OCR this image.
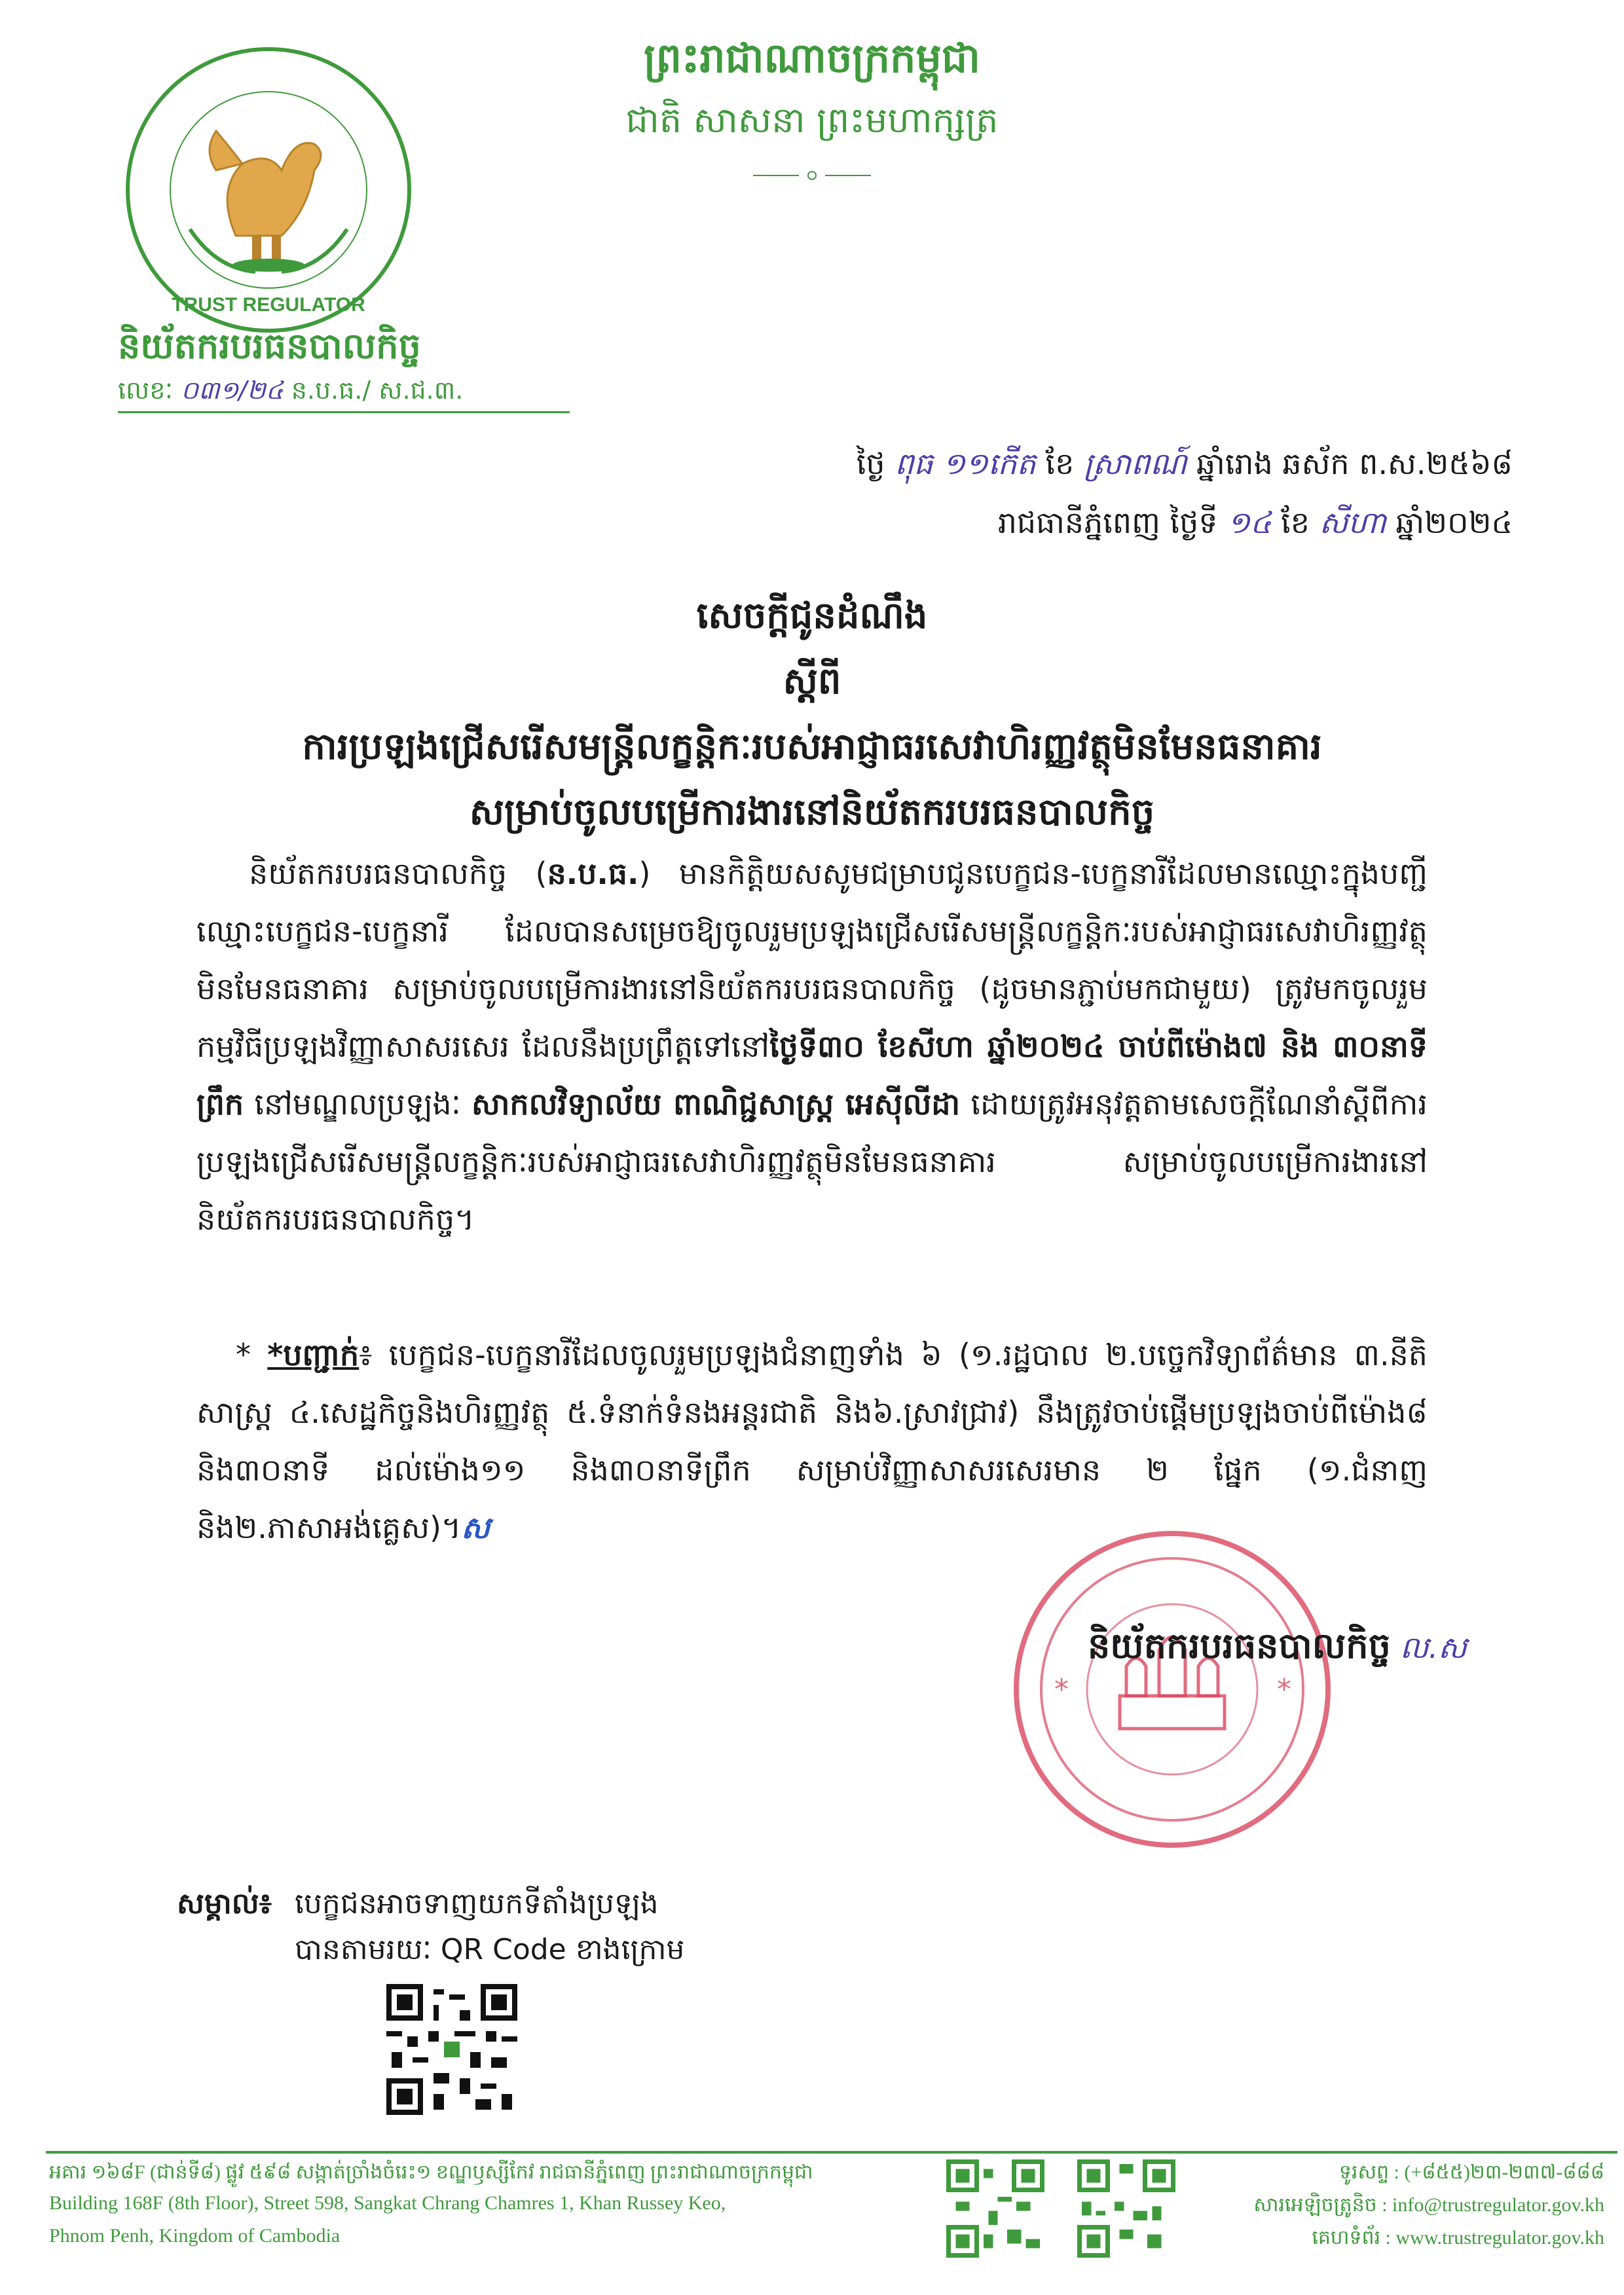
ព្រះរាជាណាចក្រកម្ពុជា
ជាតិ សាសនា ព្រះមហាក្សត្រ
TRUST REGULATOR
និយ័តករបរធនបាលកិច្ច
លេខៈ ០៣១/២៤ ន.ប.ធ./ ស.ជ.៣.
ថ្ងៃ ពុធ ១១កើត ខែ ស្រាពណ៍ ឆ្នាំរោង ឆស័ក ព.ស.២៥៦៨
រាជធានីភ្នំពេញ ថ្ងៃទី ១៤ ខែ សីហា ឆ្នាំ២០២៤
សេចក្តីជូនដំណឹង
ស្តីពី
ការប្រឡងជ្រើសរើសមន្ត្រីលក្ខន្តិកៈរបស់អាជ្ញាធរសេវាហិរញ្ញវត្ថុមិនមែនធនាគារ
សម្រាប់ចូលបម្រើការងារនៅនិយ័តករបរធនបាលកិច្ច
និយ័តករបរធនបាលកិច្ច (ន.ប.ធ.) មានកិត្តិយសសូមជម្រាបជូនបេក្ខជន-បេក្ខនារីដែលមានឈ្មោះក្នុងបញ្ជីឈ្មោះបេក្ខជន-បេក្ខនារី ដែលបានសម្រេចឱ្យចូលរួមប្រឡងជ្រើសរើសមន្ត្រីលក្ខន្តិកៈរបស់អាជ្ញាធរសេវាហិរញ្ញវត្ថុមិនមែនធនាគារ សម្រាប់ចូលបម្រើការងារនៅនិយ័តករបរធនបាលកិច្ច (ដូចមានភ្ជាប់មកជាមួយ) ត្រូវមកចូលរួមកម្មវិធីប្រឡងវិញ្ញាសាសរសេរ ដែលនឹងប្រព្រឹត្តទៅនៅថ្ងៃទី៣០ ខែសីហា ឆ្នាំ២០២៤ ចាប់ពីម៉ោង៧ និង ៣០នាទីព្រឹក នៅមណ្ឌលប្រឡងៈ សាកលវិទ្យាល័យ ពាណិជ្ជសាស្ត្រ អេស៊ីលីដា ដោយត្រូវអនុវត្តតាមសេចក្តីណែនាំស្តីពីការប្រឡងជ្រើសរើសមន្ត្រីលក្ខន្តិកៈរបស់អាជ្ញាធរសេវាហិរញ្ញវត្ថុមិនមែនធនាគារ សម្រាប់ចូលបម្រើការងារនៅនិយ័តករបរធនបាលកិច្ច។
* *បញ្ជាក់៖ បេក្ខជន-បេក្ខនារីដែលចូលរួមប្រឡងជំនាញទាំង ៦ (១.រដ្ឋបាល ២.បច្ចេកវិទ្យាព័ត៌មាន ៣.នីតិសាស្ត្រ ៤.សេដ្ឋកិច្ចនិងហិរញ្ញវត្ថុ ៥.ទំនាក់ទំនងអន្តរជាតិ និង៦.ស្រាវជ្រាវ) នឹងត្រូវចាប់ផ្តើមប្រឡងចាប់ពីម៉ោង៨ និង៣០នាទី ដល់ម៉ោង១១ និង៣០នាទីព្រឹក សម្រាប់វិញ្ញាសាសរសេរមាន ២ ផ្នែក (១.ជំនាញ និង២.ភាសាអង់គ្លេស)។ស
*	*
និយ័តករបរធនបាលកិច្ច ល.ស
សម្គាល់៖ បេក្ខជនអាចទាញយកទីតាំងប្រឡង
បានតាមរយៈ QR Code ខាងក្រោម
អគារ ១៦៨F (ជាន់ទី៨) ផ្លូវ ៥៩៨ សង្កាត់ច្រាំងចំរេះ១ ខណ្ឌឫស្សីកែវ រាជធានីភ្នំពេញ ព្រះរាជាណាចក្រកម្ពុជា
Building 168F (8th Floor), Street 598, Sangkat Chrang Chamres 1, Khan Russey Keo,
Phnom Penh, Kingdom of Cambodia
ទូរសព្ទ : (+៨៥៥)២៣-២៣៧-៨៨៨
សារអេឡិចត្រូនិច : info@trustregulator.gov.kh
គេហទំព័រ : www.trustregulator.gov.kh
